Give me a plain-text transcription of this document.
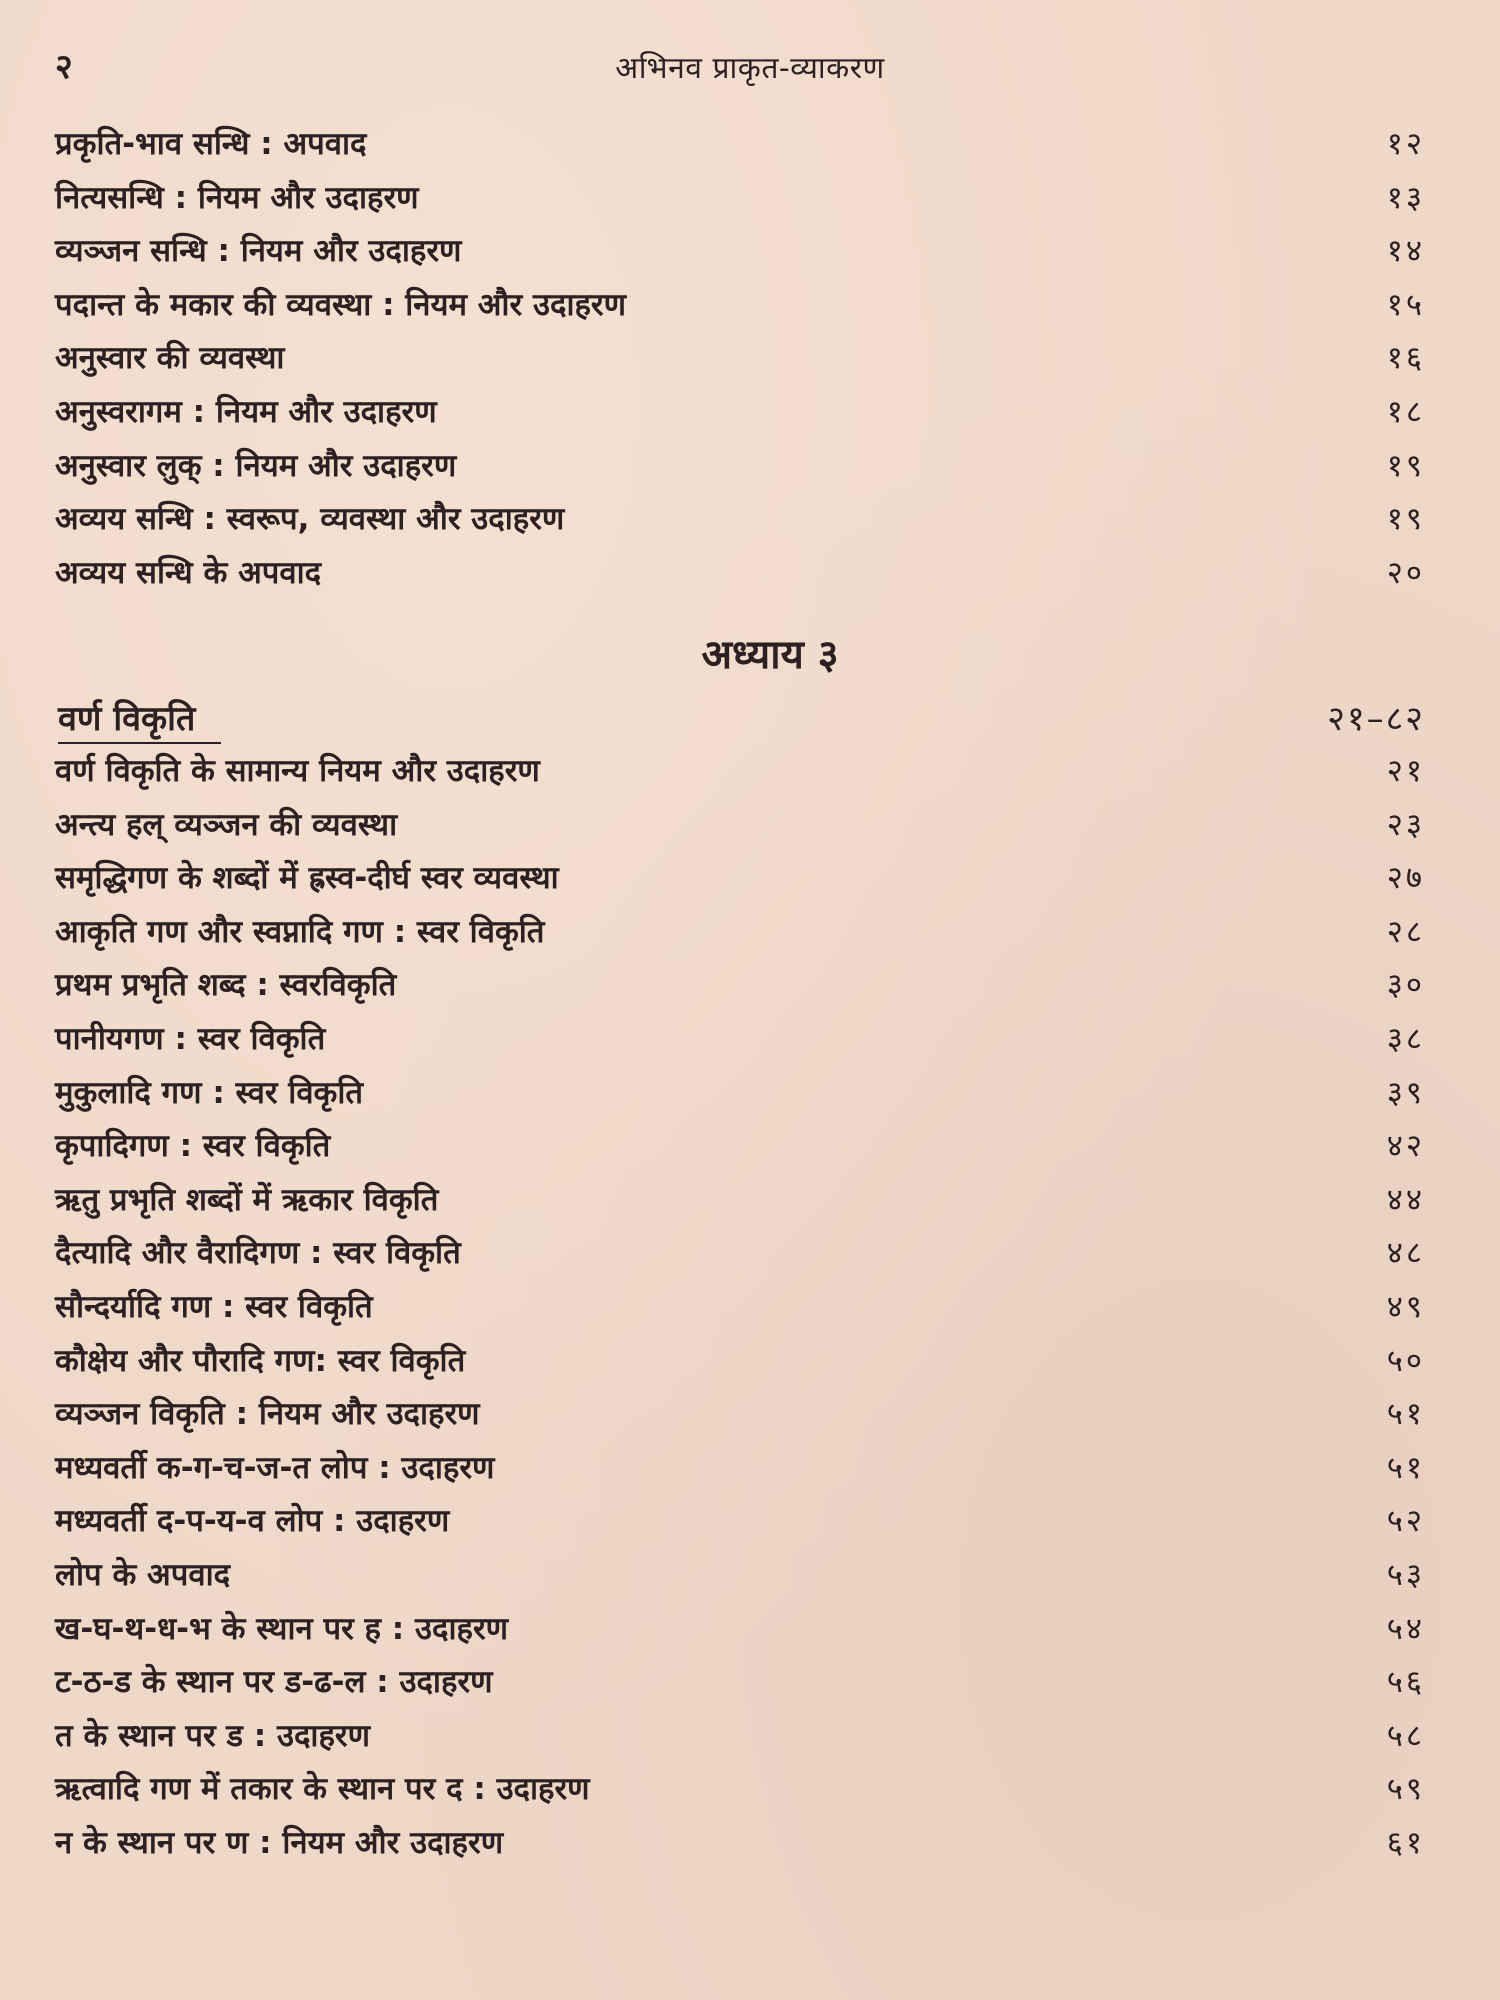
२	अभिनव प्राकृत-व्याकरण
प्रकृति-भाव सन्धि : अपवाद	१२
नित्यसन्धि : नियम और उदाहरण	१३
व्यञ्जन सन्धि : नियम और उदाहरण	१४
पदान्त के मकार की व्यवस्था : नियम और उदाहरण	१५
अनुस्वार की व्यवस्था	१६
अनुस्वरागम : नियम और उदाहरण	१८
अनुस्वार लुक् : नियम और उदाहरण	१९
अव्यय सन्धि : स्वरूप, व्यवस्था और उदाहरण	१९
अव्यय सन्धि के अपवाद	२०
अध्याय ३
वर्ण विकृति	२१–८२
वर्ण विकृति के सामान्य नियम और उदाहरण	२१
अन्त्य हल् व्यञ्जन की व्यवस्था	२३
समृद्धिगण के शब्दों में ह्रस्व-दीर्घ स्वर व्यवस्था	२७
आकृति गण और स्वप्नादि गण : स्वर विकृति	२८
प्रथम प्रभृति शब्द : स्वरविकृति	३०
पानीयगण : स्वर विकृति	३८
मुकुलादि गण : स्वर विकृति	३९
कृपादिगण : स्वर विकृति	४२
ऋतु प्रभृति शब्दों में ऋकार विकृति	४४
दैत्यादि और वैरादिगण : स्वर विकृति	४८
सौन्दर्यादि गण : स्वर विकृति	४९
कौक्षेय और पौरादि गण: स्वर विकृति	५०
व्यञ्जन विकृति : नियम और उदाहरण	५१
मध्यवर्ती क-ग-च-ज-त लोप : उदाहरण	५१
मध्यवर्ती द-प-य-व लोप : उदाहरण	५२
लोप के अपवाद	५३
ख-घ-थ-ध-भ के स्थान पर ह : उदाहरण	५४
ट-ठ-ड के स्थान पर ड-ढ-ल : उदाहरण	५६
त के स्थान पर ड : उदाहरण	५८
ऋत्वादि गण में तकार के स्थान पर द : उदाहरण	५९
न के स्थान पर ण : नियम और उदाहरण	६१
